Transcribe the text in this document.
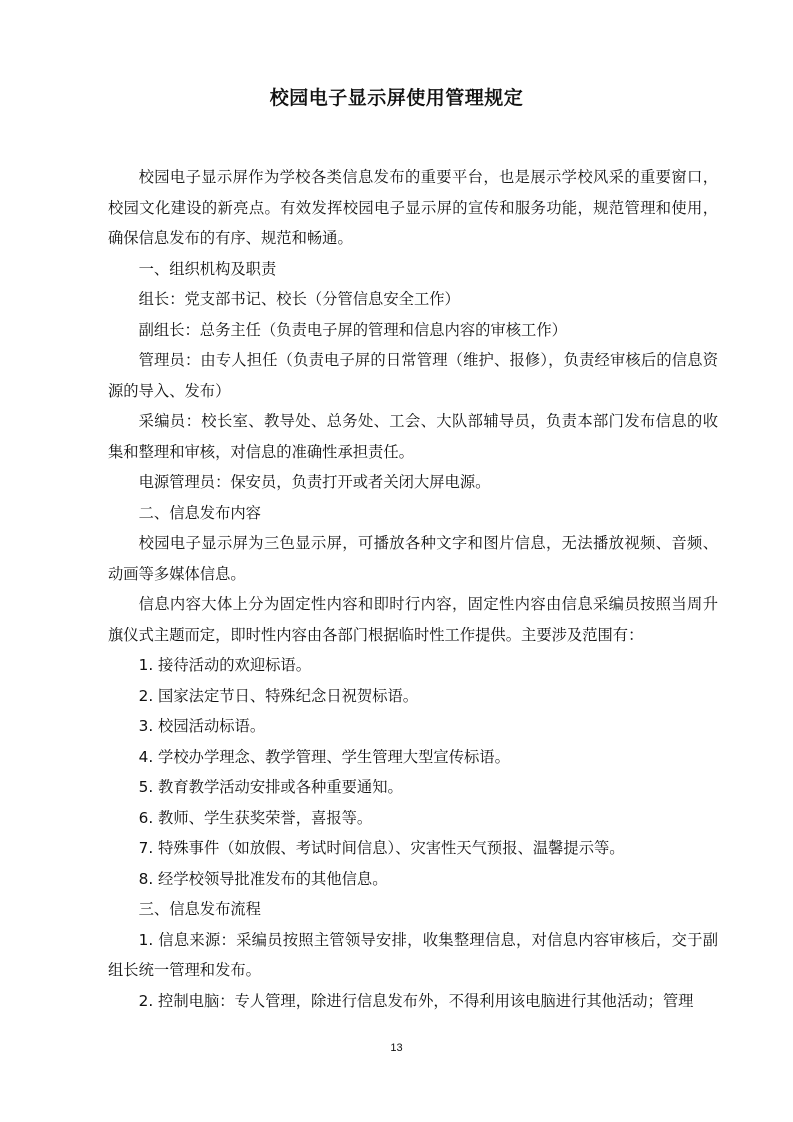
校园电子显示屏使用管理规定

校园电子显示屏作为学校各类信息发布的重要平台，也是展示学校风采的重要窗口，校园文化建设的新亮点。有效发挥校园电子显示屏的宣传和服务功能，规范管理和使用，确保信息发布的有序、规范和畅通。

一、组织机构及职责

组长：党支部书记、校长（分管信息安全工作）

副组长：总务主任（负责电子屏的管理和信息内容的审核工作）

管理员：由专人担任（负责电子屏的日常管理（维护、报修），负责经审核后的信息资源的导入、发布）

采编员：校长室、教导处、总务处、工会、大队部辅导员，负责本部门发布信息的收集和整理和审核，对信息的准确性承担责任。

电源管理员：保安员，负责打开或者关闭大屏电源。

二、信息发布内容

校园电子显示屏为三色显示屏，可播放各种文字和图片信息，无法播放视频、音频、动画等多媒体信息。

信息内容大体上分为固定性内容和即时行内容，固定性内容由信息采编员按照当周升旗仪式主题而定，即时性内容由各部门根据临时性工作提供。主要涉及范围有：

1. 接待活动的欢迎标语。

2. 国家法定节日、特殊纪念日祝贺标语。

3. 校园活动标语。

4. 学校办学理念、教学管理、学生管理大型宣传标语。

5. 教育教学活动安排或各种重要通知。

6. 教师、学生获奖荣誉，喜报等。

7. 特殊事件（如放假、考试时间信息）、灾害性天气预报、温馨提示等。

8. 经学校领导批准发布的其他信息。

三、信息发布流程

1. 信息来源：采编员按照主管领导安排，收集整理信息，对信息内容审核后，交于副组长统一管理和发布。

2. 控制电脑：专人管理，除进行信息发布外，不得利用该电脑进行其他活动；管理

13
